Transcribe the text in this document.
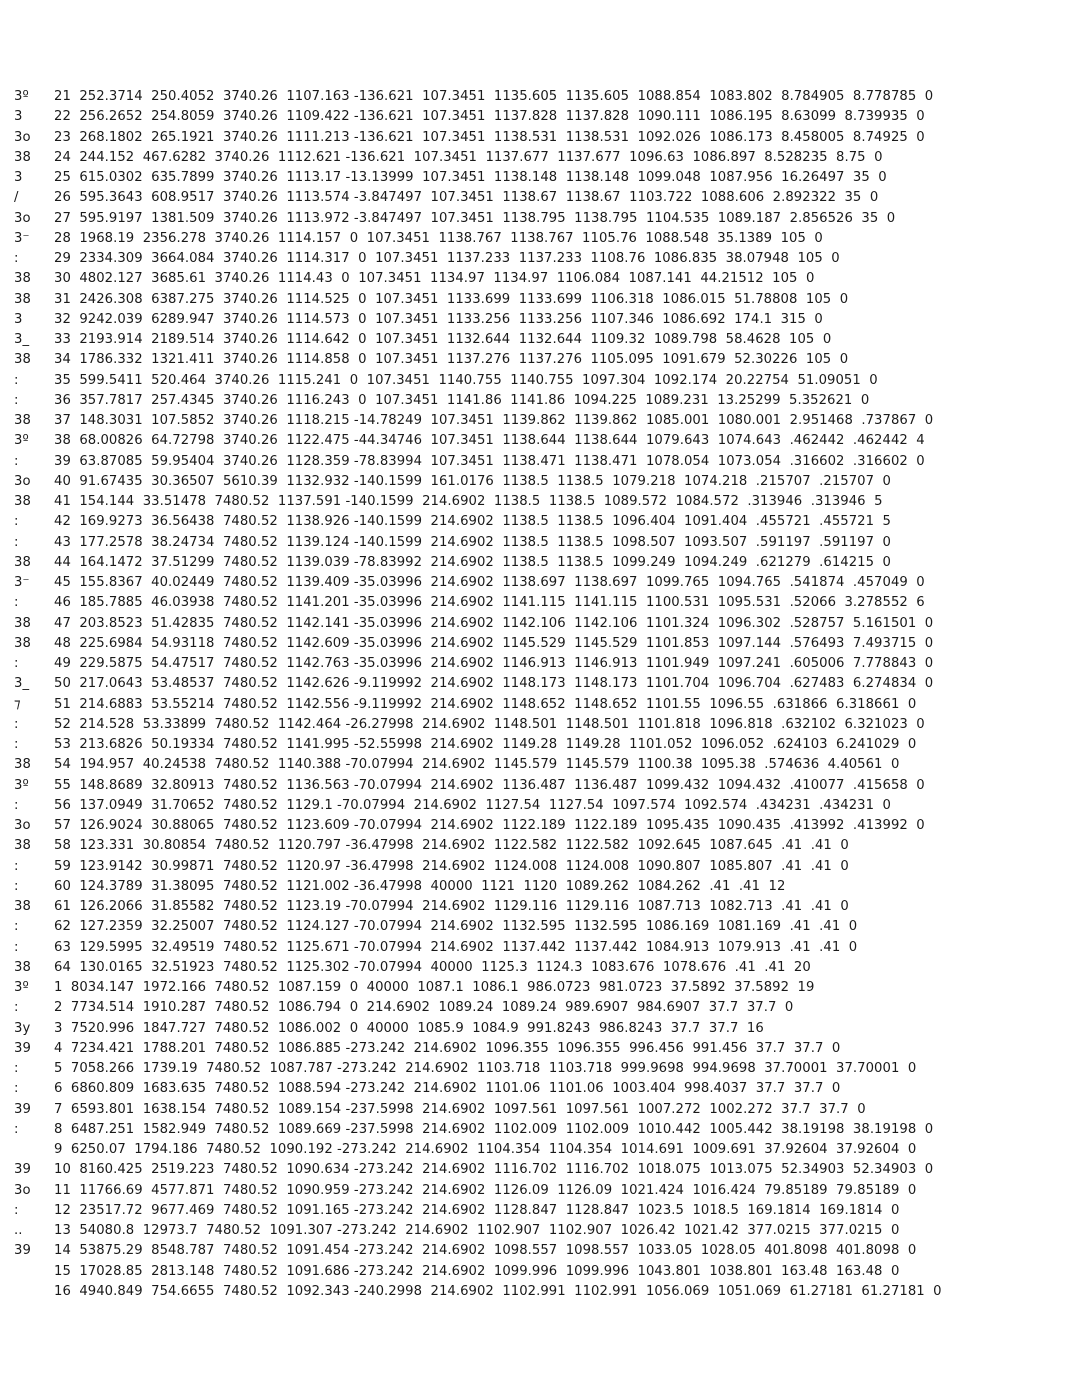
3º 21  252.3714  250.4052  3740.26  1107.163 -136.621  107.3451  1135.605  1135.605  1088.854  1083.802  8.784905  8.778785  0
3 22  256.2652  254.8059  3740.26  1109.422 -136.621  107.3451  1137.828  1137.828  1090.111  1086.195  8.63099  8.739935  0
3o 23  268.1802  265.1921  3740.26  1111.213 -136.621  107.3451  1138.531  1138.531  1092.026  1086.173  8.458005  8.74925  0
38 24  244.152  467.6282  3740.26  1112.621 -136.621  107.3451  1137.677  1137.677  1096.63  1086.897  8.528235  8.75  0
3 25  615.0302  635.7899  3740.26  1113.17 -13.13999  107.3451  1138.148  1138.148  1099.048  1087.956  16.26497  35  0
/	26  595.3643  608.9517  3740.26  1113.574 -3.847497  107.3451  1138.67  1138.67  1103.722  1088.606  2.892322  35  0
3o 27  595.9197  1381.509  3740.26  1113.972 -3.847497  107.3451  1138.795  1138.795  1104.535  1089.187  2.856526  35  0
3⁻ 28  1968.19  2356.278  3740.26  1114.157  0  107.3451  1138.767  1138.767  1105.76  1088.548  35.1389  105  0
:	29  2334.309  3664.084  3740.26  1114.317  0  107.3451  1137.233  1137.233  1108.76  1086.835  38.07948  105  0
38 30  4802.127  3685.61  3740.26  1114.43  0  107.3451  1134.97  1134.97  1106.084  1087.141  44.21512  105  0
38 31  2426.308  6387.275  3740.26  1114.525  0  107.3451  1133.699  1133.699  1106.318  1086.015  51.78808  105  0
3 32  9242.039  6289.947  3740.26  1114.573  0  107.3451  1133.256  1133.256  1107.346  1086.692  174.1  315  0
3_ 33  2193.914  2189.514  3740.26  1114.642  0  107.3451  1132.644  1132.644  1109.32  1089.798  58.4628  105  0
38 34  1786.332  1321.411  3740.26  1114.858  0  107.3451  1137.276  1137.276  1105.095  1091.679  52.30226  105  0
:	35  599.5411  520.464  3740.26  1115.241  0  107.3451  1140.755  1140.755  1097.304  1092.174  20.22754  51.09051  0
:	36  357.7817  257.4345  3740.26  1116.243  0  107.3451  1141.86  1141.86  1094.225  1089.231  13.25299  5.352621  0
38 37  148.3031  107.5852  3740.26  1118.215 -14.78249  107.3451  1139.862  1139.862  1085.001  1080.001  2.951468  .737867  0
3º 38  68.00826  64.72798  3740.26  1122.475 -44.34746  107.3451  1138.644  1138.644  1079.643  1074.643  .462442  .462442  4
:	39  63.87085  59.95404  3740.26  1128.359 -78.83994  107.3451  1138.471  1138.471  1078.054  1073.054  .316602  .316602  0
3o 40  91.67435  30.36507  5610.39  1132.932 -140.1599  161.0176  1138.5  1138.5  1079.218  1074.218  .215707  .215707  0
38 41  154.144  33.51478  7480.52  1137.591 -140.1599  214.6902  1138.5  1138.5  1089.572  1084.572  .313946  .313946  5
:	42  169.9273  36.56438  7480.52  1138.926 -140.1599  214.6902  1138.5  1138.5  1096.404  1091.404  .455721  .455721  5
:	43  177.2578  38.24734  7480.52  1139.124 -140.1599  214.6902  1138.5  1138.5  1098.507  1093.507  .591197  .591197  0
38 44  164.1472  37.51299  7480.52  1139.039 -78.83992  214.6902  1138.5  1138.5  1099.249  1094.249  .621279  .614215  0
3⁻ 45  155.8367  40.02449  7480.52  1139.409 -35.03996  214.6902  1138.697  1138.697  1099.765  1094.765  .541874  .457049  0
:	46  185.7885  46.03938  7480.52  1141.201 -35.03996  214.6902  1141.115  1141.115  1100.531  1095.531  .52066  3.278552  6
38 47  203.8523  51.42835  7480.52  1142.141 -35.03996  214.6902  1142.106  1142.106  1101.324  1096.302  .528757  5.161501  0
38 48  225.6984  54.93118  7480.52  1142.609 -35.03996  214.6902  1145.529  1145.529  1101.853  1097.144  .576493  7.493715  0
:	49  229.5875  54.47517  7480.52  1142.763 -35.03996  214.6902  1146.913  1146.913  1101.949  1097.241  .605006  7.778843  0
3_ 50  217.0643  53.48537  7480.52  1142.626 -9.119992  214.6902  1148.173  1148.173  1101.704  1096.704  .627483  6.274834  0
⁊	51  214.6883  53.55214  7480.52  1142.556 -9.119992  214.6902  1148.652  1148.652  1101.55  1096.55  .631866  6.318661  0
:	52  214.528  53.33899  7480.52  1142.464 -26.27998  214.6902  1148.501  1148.501  1101.818  1096.818  .632102  6.321023  0
:	53  213.6826  50.19334  7480.52  1141.995 -52.55998  214.6902  1149.28  1149.28  1101.052  1096.052  .624103  6.241029  0
38 54  194.957  40.24538  7480.52  1140.388 -70.07994  214.6902  1145.579  1145.579  1100.38  1095.38  .574636  4.40561  0
3º 55  148.8689  32.80913  7480.52  1136.563 -70.07994  214.6902  1136.487  1136.487  1099.432  1094.432  .410077  .415658  0
:	56  137.0949  31.70652  7480.52  1129.1 -70.07994  214.6902  1127.54  1127.54  1097.574  1092.574  .434231  .434231  0
3o 57  126.9024  30.88065  7480.52  1123.609 -70.07994  214.6902  1122.189  1122.189  1095.435  1090.435  .413992  .413992  0
38 58  123.331  30.80854  7480.52  1120.797 -36.47998  214.6902  1122.582  1122.582  1092.645  1087.645  .41  .41  0
:	59  123.9142  30.99871  7480.52  1120.97 -36.47998  214.6902  1124.008  1124.008  1090.807  1085.807  .41  .41  0
:	60  124.3789  31.38095  7480.52  1121.002 -36.47998  40000  1121  1120  1089.262  1084.262  .41  .41  12
38 61  126.2066  31.85582  7480.52  1123.19 -70.07994  214.6902  1129.116  1129.116  1087.713  1082.713  .41  .41  0
:	62  127.2359  32.25007  7480.52  1124.127 -70.07994  214.6902  1132.595  1132.595  1086.169  1081.169  .41  .41  0
:	63  129.5995  32.49519  7480.52  1125.671 -70.07994  214.6902  1137.442  1137.442  1084.913  1079.913  .41  .41  0
38 64  130.0165  32.51923  7480.52  1125.302 -70.07994  40000  1125.3  1124.3  1083.676  1078.676  .41  .41  20
3º 1  8034.147  1972.166  7480.52  1087.159  0  40000  1087.1  1086.1  986.0723  981.0723  37.5892  37.5892  19
:	2  7734.514  1910.287  7480.52  1086.794  0  214.6902  1089.24  1089.24  989.6907  984.6907  37.7  37.7  0
3y 3  7520.996  1847.727  7480.52  1086.002  0  40000  1085.9  1084.9  991.8243  986.8243  37.7  37.7  16
39 4  7234.421  1788.201  7480.52  1086.885 -273.242  214.6902  1096.355  1096.355  996.456  991.456  37.7  37.7  0
:	5  7058.266  1739.19  7480.52  1087.787 -273.242  214.6902  1103.718  1103.718  999.9698  994.9698  37.70001  37.70001  0
:	6  6860.809  1683.635  7480.52  1088.594 -273.242  214.6902  1101.06  1101.06  1003.404  998.4037  37.7  37.7  0
39 7  6593.801  1638.154  7480.52  1089.154 -237.5998  214.6902  1097.561  1097.561  1007.272  1002.272  37.7  37.7  0
:	8  6487.251  1582.949  7480.52  1089.669 -237.5998  214.6902  1102.009  1102.009  1010.442  1005.442  38.19198  38.19198  0
9  6250.07  1794.186  7480.52  1090.192 -273.242  214.6902  1104.354  1104.354  1014.691  1009.691  37.92604  37.92604  0
39 10  8160.425  2519.223  7480.52  1090.634 -273.242  214.6902  1116.702  1116.702  1018.075  1013.075  52.34903  52.34903  0
3o 11  11766.69  4577.871  7480.52  1090.959 -273.242  214.6902  1126.09  1126.09  1021.424  1016.424  79.85189  79.85189  0
:	12  23517.72  9677.469  7480.52  1091.165 -273.242  214.6902  1128.847  1128.847  1023.5  1018.5  169.1814  169.1814  0
.. 13  54080.8  12973.7  7480.52  1091.307 -273.242  214.6902  1102.907  1102.907  1026.42  1021.42  377.0215  377.0215  0
39 14  53875.29  8548.787  7480.52  1091.454 -273.242  214.6902  1098.557  1098.557  1033.05  1028.05  401.8098  401.8098  0
15  17028.85  2813.148  7480.52  1091.686 -273.242  214.6902  1099.996  1099.996  1043.801  1038.801  163.48  163.48  0
16  4940.849  754.6655  7480.52  1092.343 -240.2998  214.6902  1102.991  1102.991  1056.069  1051.069  61.27181  61.27181  0
